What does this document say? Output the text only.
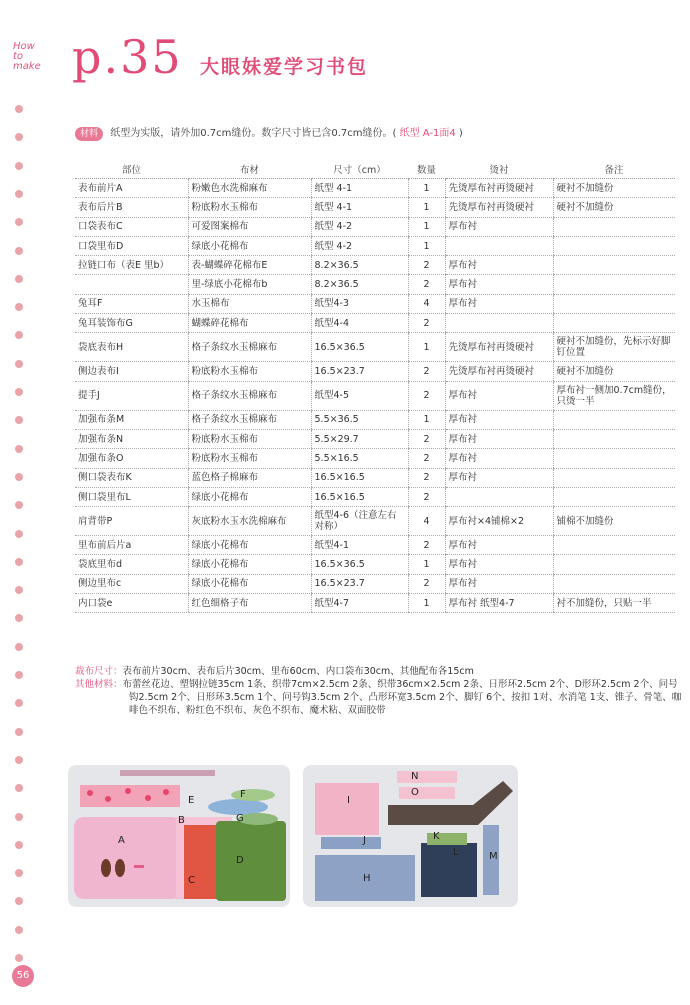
How
to
make p.35 大眼妹爱学习书包
材料 纸型为实版，请外加0.7cm缝份。数字尺寸皆已含0.7cm缝份。( 纸型 A-1面4 )
部位	布材	尺寸（cm）	数量	烫衬	备注
表布前片A	粉嫩色水洗棉麻布	纸型 4-1	1	先烫厚布衬再烫硬衬	硬衬不加缝份
表布后片B	粉底粉水玉棉布	纸型 4-1	1	先烫厚布衬再烫硬衬	硬衬不加缝份
口袋表布C	可爱图案棉布	纸型 4-2	1	厚布衬	
口袋里布D	绿底小花棉布	纸型 4-2	1		
拉链口布（表E 里b）	表-蝴蝶碎花棉布E	8.2×36.5	2	厚布衬	
	里-绿底小花棉布b	8.2×36.5	2	厚布衬	
兔耳F	水玉棉布	纸型4-3	4	厚布衬	
兔耳装饰布G	蝴蝶碎花棉布	纸型4-4	2		
袋底表布H	格子条纹水玉棉麻布	16.5×36.5	1	先烫厚布衬再烫硬衬	硬衬不加缝份，先标示好脚钉位置
侧边表布I	粉底粉水玉棉布	16.5×23.7	2	先烫厚布衬再烫硬衬	硬衬不加缝份
提手J	格子条纹水玉棉麻布	纸型4-5	2	厚布衬	厚布衬一侧加0.7cm缝份，只烫一半
加强布条M	格子条纹水玉棉麻布	5.5×36.5	1	厚布衬	
加强布条N	粉底粉水玉棉布	5.5×29.7	2	厚布衬	
加强布条O	粉底粉水玉棉布	5.5×16.5	2	厚布衬	
侧口袋表布K	蓝色格子棉麻布	16.5×16.5	2	厚布衬	
侧口袋里布L	绿底小花棉布	16.5×16.5	2		
肩背带P	灰底粉水玉水洗棉麻布	纸型4-6（注意左右对称）	4	厚布衬×4铺棉×2	铺棉不加缝份
里布前后片a	绿底小花棉布	纸型4-1	2	厚布衬	
袋底里布d	绿底小花棉布	16.5×36.5	1	厚布衬	
侧边里布c	绿底小花棉布	16.5×23.7	2	厚布衬	
内口袋e	红色细格子布	纸型4-7	1	厚布衬 纸型4-7	衬不加缝份，只贴一半
裁布尺寸：表布前片30cm、表布后片30cm、里布60cm、内口袋布30cm、其他配布各15cm
其他材料：布蕾丝花边、塑钢拉链35cm 1条、织带7cm×2.5cm 2条、织带36cm×2.5cm 2条、日形环2.5cm 2个、D形环2.5cm 2个、问号钩2.5cm 2个、日形环3.5cm 1个、问号钩3.5cm 2个、凸形环宽3.5cm 2个、脚钉 6个、按扣 1对、水消笔 1支、锥子、骨笔、咖啡色不织布、粉红色不织布、灰色不织布、魔术粘、双面胶带
A
B
C
D
E
F
G
I
N
O
J	K
L
H
M
56
